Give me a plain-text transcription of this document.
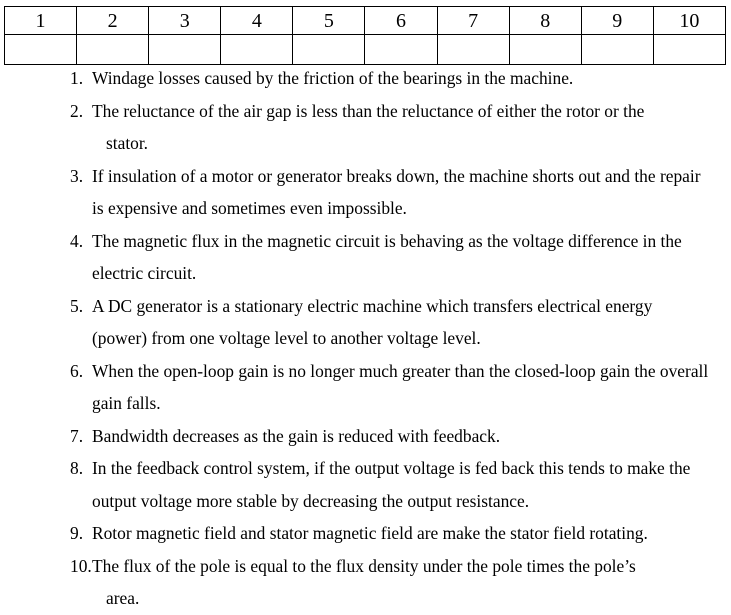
1	2	3	4	5	6	7	8	9	10

1. Windage losses caused by the friction of the bearings in the machine.
2. The reluctance of the air gap is less than the reluctance of either the rotor or the
stator.
3. If insulation of a motor or generator breaks down, the machine shorts out and the repair is expensive and sometimes even impossible.
4. The magnetic flux in the magnetic circuit is behaving as the voltage difference in the electric circuit.
5. A DC generator is a stationary electric machine which transfers electrical energy (power) from one voltage level to another voltage level.
6. When the open-loop gain is no longer much greater than the closed-loop gain the overall gain falls.
7. Bandwidth decreases as the gain is reduced with feedback.
8. In the feedback control system, if the output voltage is fed back this tends to make the output voltage more stable by decreasing the output resistance.
9. Rotor magnetic field and stator magnetic field are make the stator field rotating.
10. The flux of the pole is equal to the flux density under the pole times the pole’s
area.
